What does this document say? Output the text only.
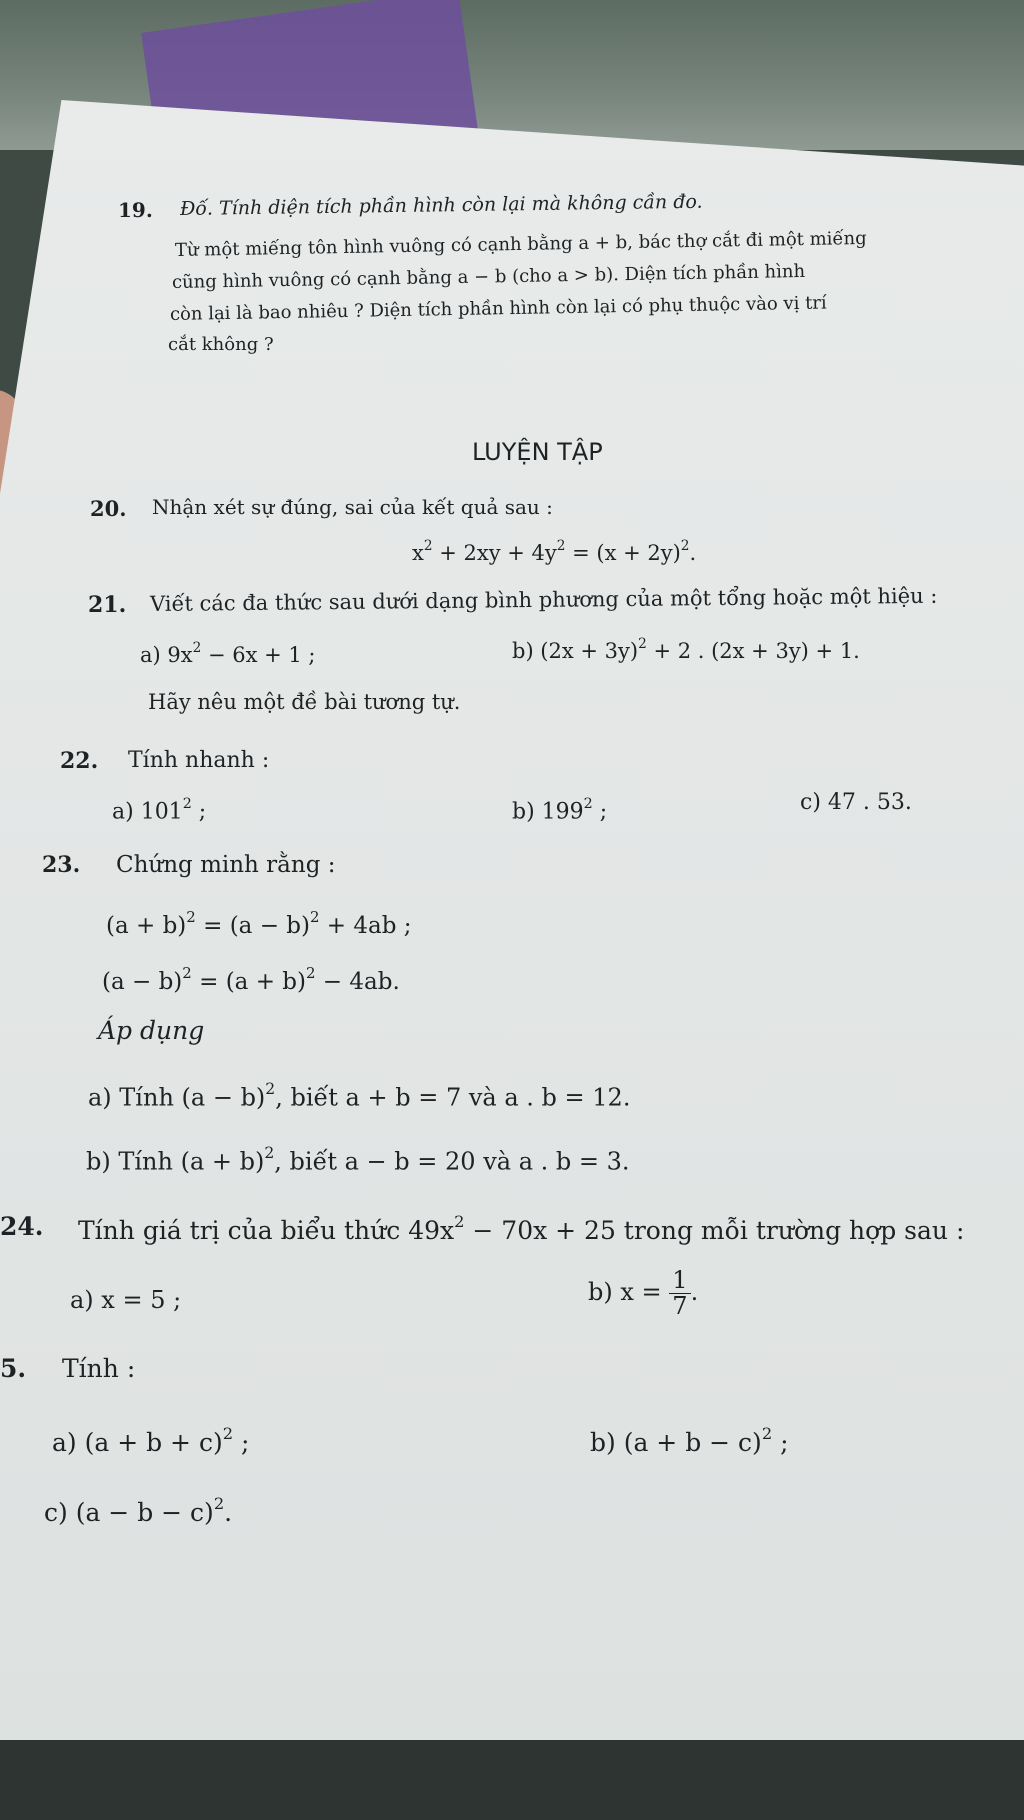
19. Đố. Tính diện tích phần hình còn lại mà không cần đo.
Từ một miếng tôn hình vuông có cạnh bằng a + b, bác thợ cắt đi một miếng
cũng hình vuông có cạnh bằng a − b (cho a > b). Diện tích phần hình
còn lại là bao nhiêu ? Diện tích phần hình còn lại có phụ thuộc vào vị trí
cắt không ?
LUYỆN TẬP
20. Nhận xét sự đúng, sai của kết quả sau :
$x^2 + 2xy + 4y^2 = (x + 2y)^2$.
21. Viết các đa thức sau dưới dạng bình phương của một tổng hoặc một hiệu :
a) $9x^2 - 6x + 1$ ;	b) $(2x + 3y)^2 + 2$ . (2x + 3y) + 1.
Hãy nêu một đề bài tương tự.
22. Tính nhanh :
a) $101^2$ ;	b) $199^2$ ;	c) 47 . 53.
23. Chứng minh rằng :
$(a + b)^2 = (a - b)^2 + 4ab$ ;
$(a - b)^2 = (a + b)^2 - 4ab$.
Áp dụng
a) Tính $(a - b)^2$, biết a + b = 7 và a . b = 12.
b) Tính $(a + b)^2$, biết a − b = 20 và a . b = 3.
24. Tính giá trị của biểu thức $49x^2 - 70x + 25$ trong mỗi trường hợp sau :
a) x = 5 ;	b) $x = \frac{1}{7}$ .
5. Tính :
a) $(a + b + c)^2$ ;	b) $(a + b - c)^2$ ;
c) $(a - b - c)^2$.
